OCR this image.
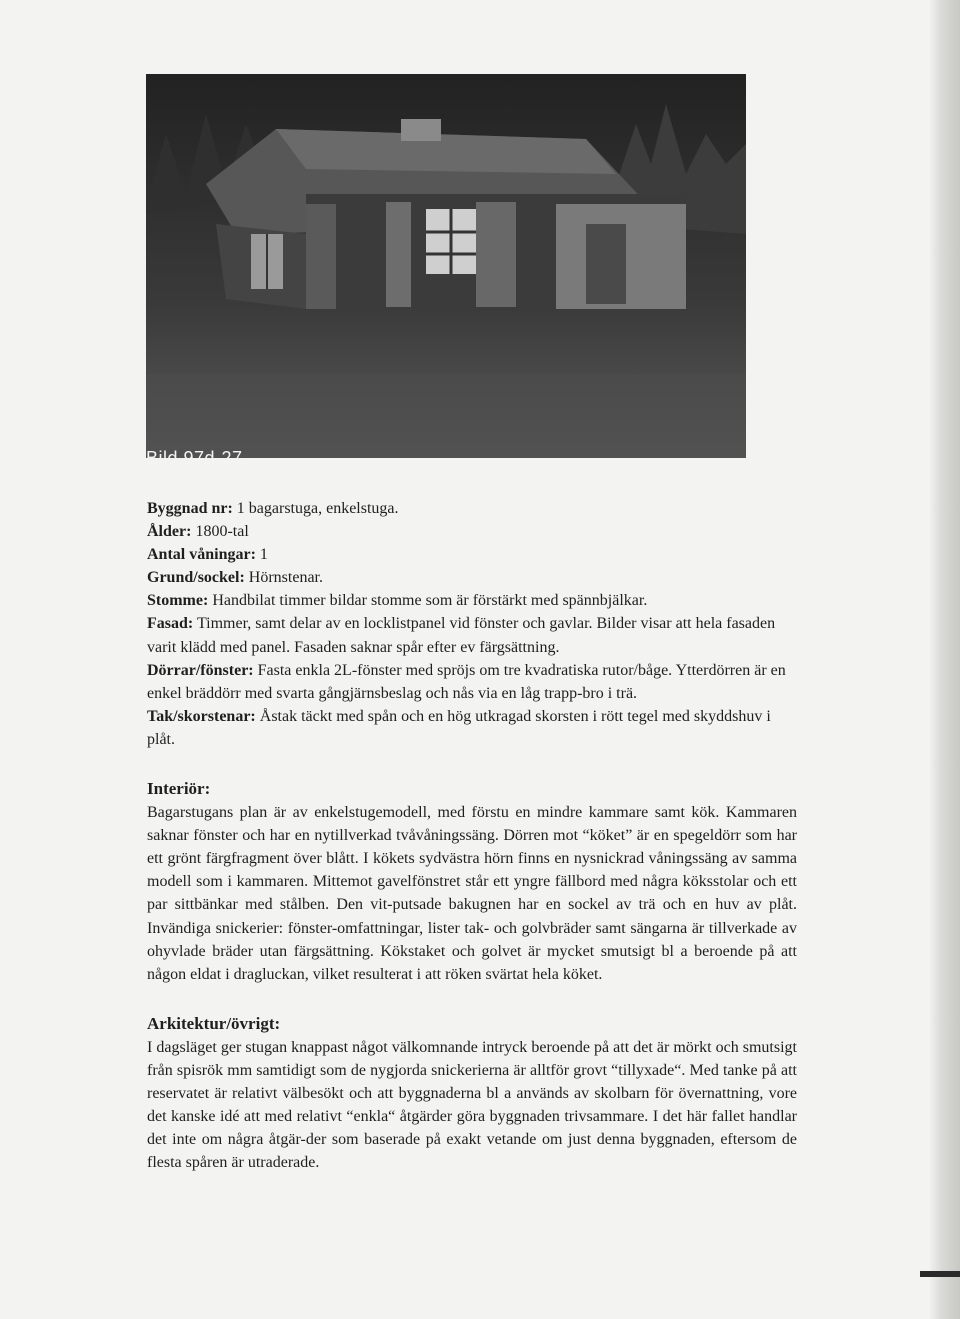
Bild 97d-27.

Byggnad nr: 1 bagarstuga, enkelstuga.

Ålder: 1800-tal

Antal våningar: 1

Grund/sockel: Hörnstenar.

Stomme: Handbilat timmer bildar stomme som är förstärkt med spännbjälkar.

Fasad: Timmer, samt delar av en locklistpanel vid fönster och gavlar. Bilder visar att hela fasaden varit klädd med panel. Fasaden saknar spår efter ev färgsättning.

Dörrar/fönster: Fasta enkla 2L-fönster med spröjs om tre kvadratiska rutor/båge. Ytterdörren är en enkel bräddörr med svarta gångjärnsbeslag och nås via en låg trapp-bro i trä.

Tak/skorstenar: Åstak täckt med spån och en hög utkragad skorsten i rött tegel med skyddshuv i plåt.

Interiör:

Bagarstugans plan är av enkelstugemodell, med förstu en mindre kammare samt kök. Kammaren saknar fönster och har en nytillverkad tvåvåningssäng. Dörren mot “köket” är en spegeldörr som har ett grönt färgfragment över blått. I kökets sydvästra hörn finns en nysnickrad våningssäng av samma modell som i kammaren. Mittemot gavelfönstret står ett yngre fällbord med några köksstolar och ett par sittbänkar med stålben. Den vit-putsade bakugnen har en sockel av trä och en huv av plåt. Invändiga snickerier: fönster-omfattningar, lister tak- och golvbräder samt sängarna är tillverkade av ohyvlade bräder utan färgsättning. Kökstaket och golvet är mycket smutsigt bl a beroende på att någon eldat i dragluckan, vilket resulterat i att röken svärtat hela köket.

Arkitektur/övrigt:

I dagsläget ger stugan knappast något välkomnande intryck beroende på att det är mörkt och smutsigt från spisrök mm samtidigt som de nygjorda snickerierna är alltför grovt “tillyxade“. Med tanke på att reservatet är relativt välbesökt och att byggnaderna bl a används av skolbarn för övernattning, vore det kanske idé att med relativt “enkla“ åtgärder göra byggnaden trivsammare. I det här fallet handlar det inte om några åtgär-der som baserade på exakt vetande om just denna byggnaden, eftersom de flesta spåren är utraderade.
